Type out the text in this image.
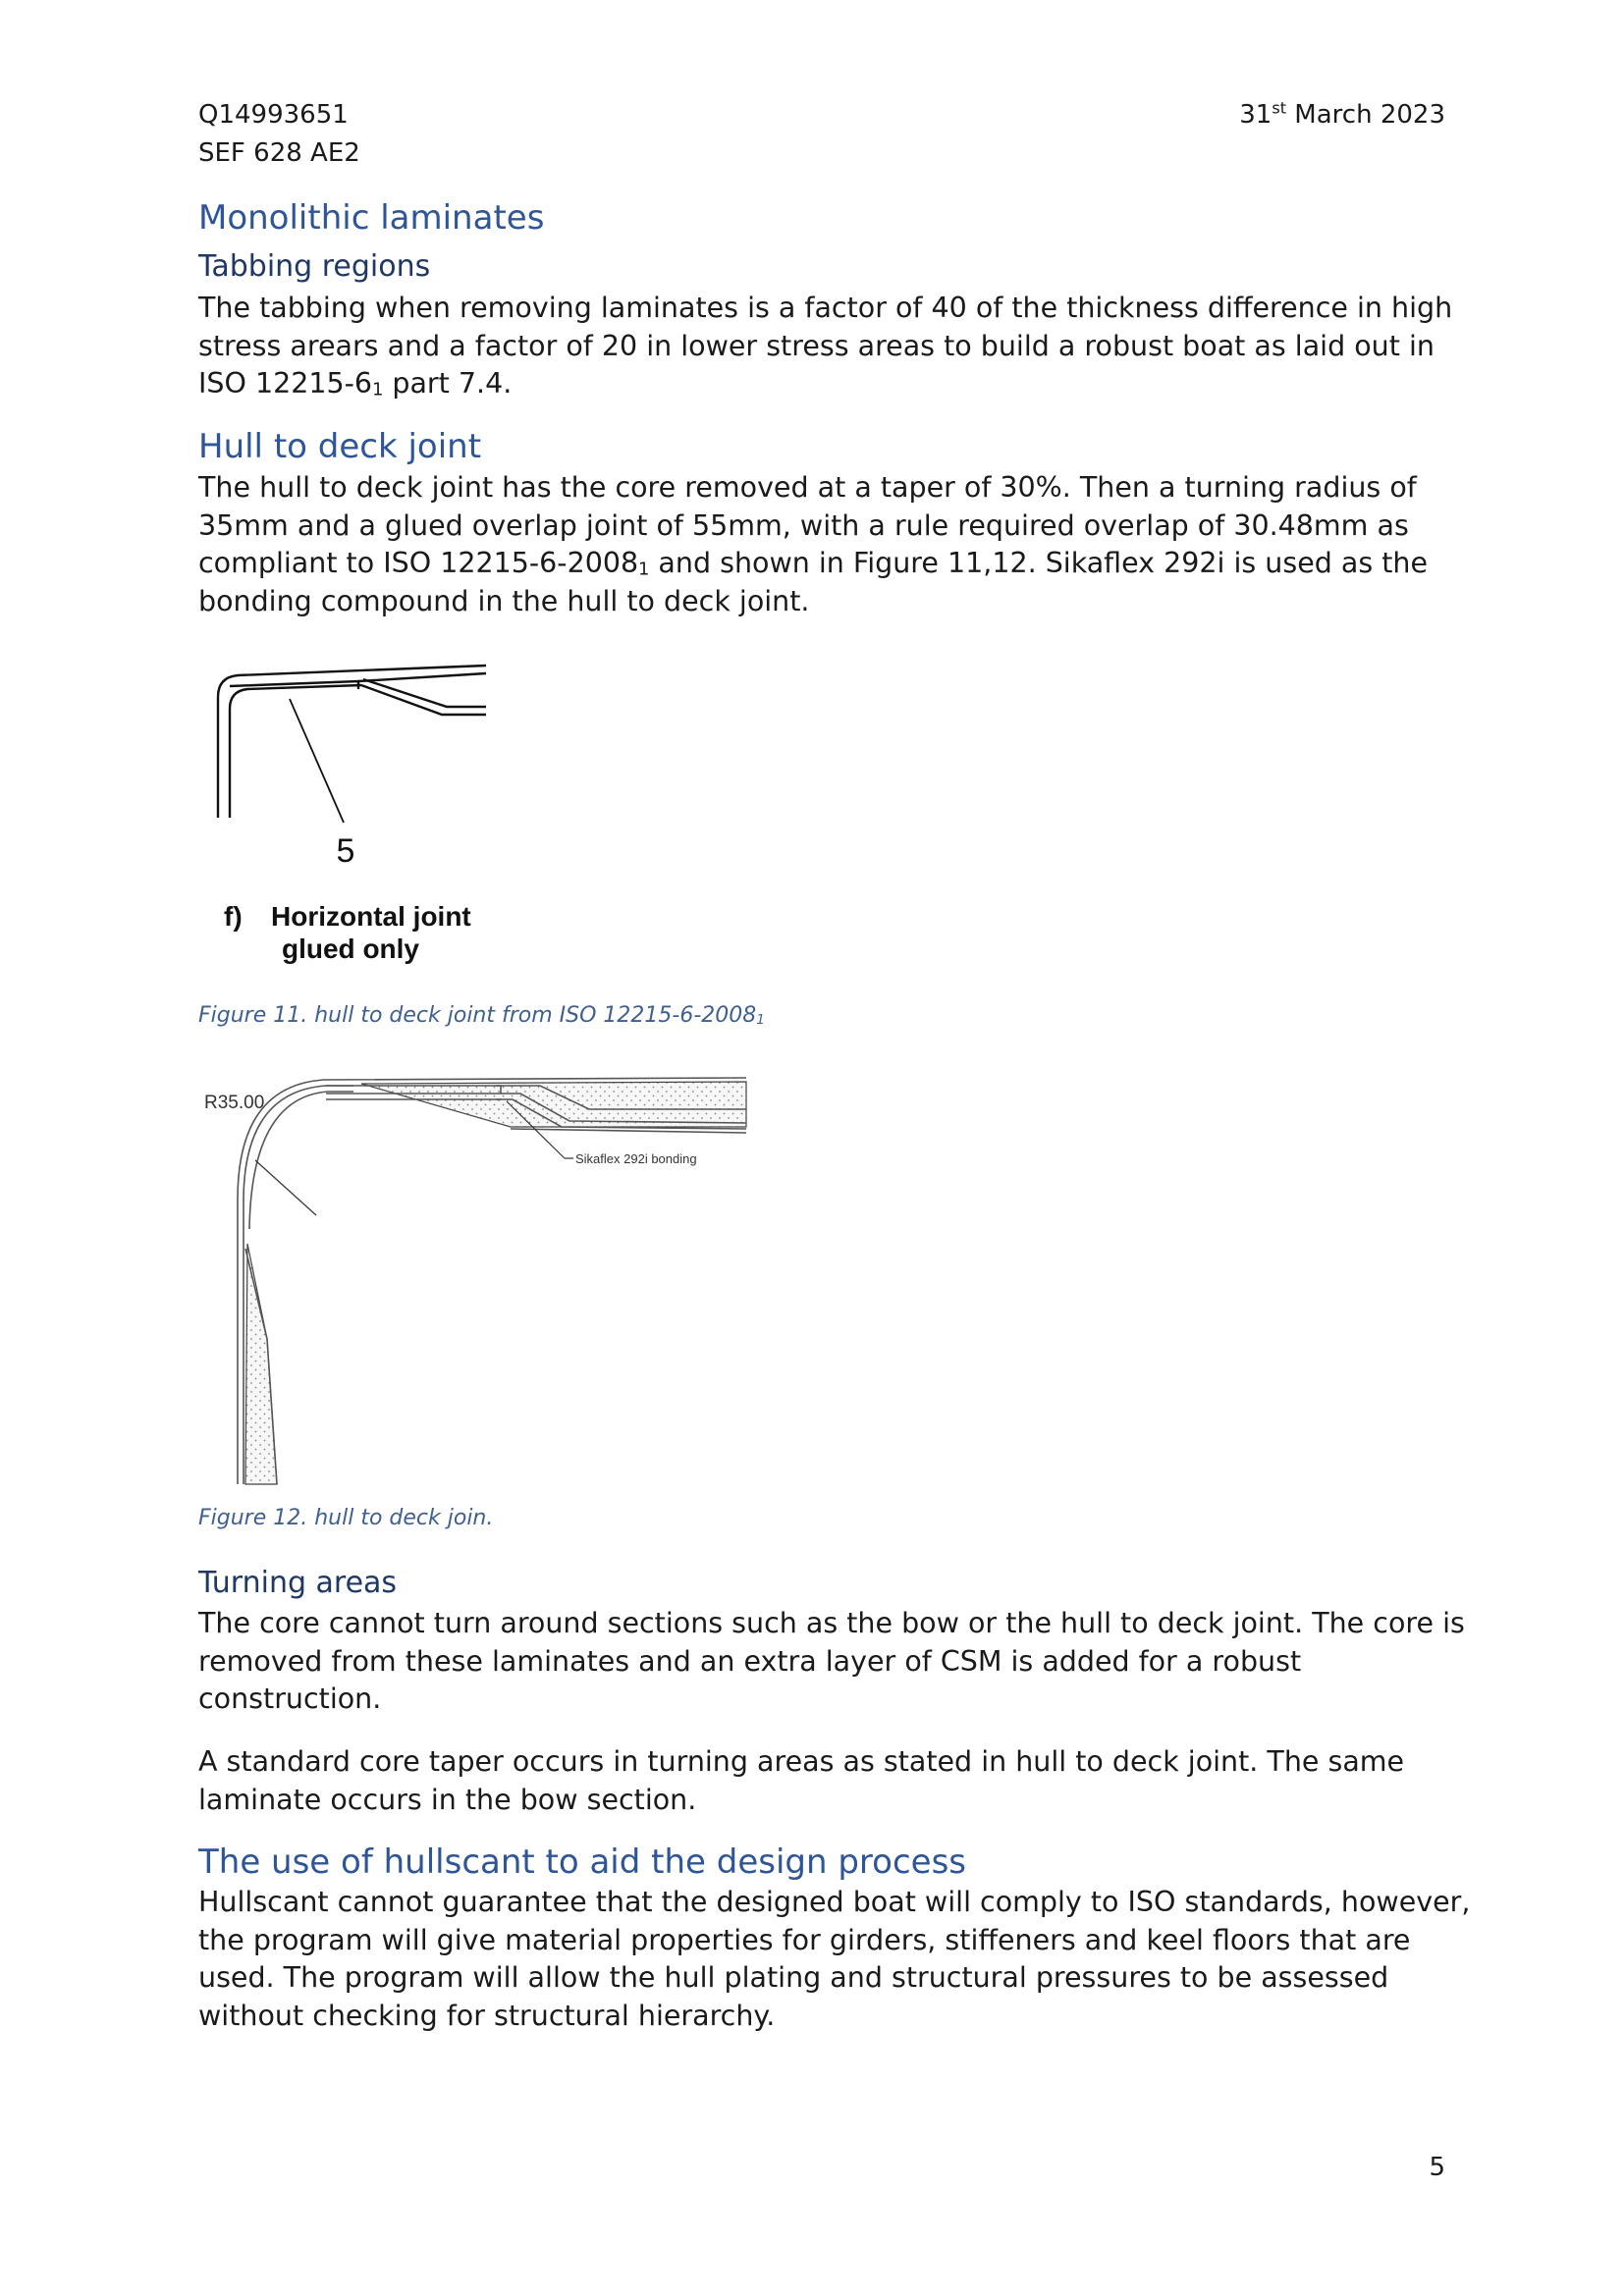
Q14993651
SEF 628 AE2
31st March 2023
Monolithic laminates
Tabbing regions
The tabbing when removing laminates is a factor of 40 of the thickness difference in high stress arears and a factor of 20 in lower stress areas to build a robust boat as laid out in ISO $12215-6_1$ part 7.4.
Hull to deck joint
The hull to deck joint has the core removed at a taper of 30%. Then a turning radius of 35mm and a glued overlap joint of 55mm, with a rule required overlap of 30.48mm as compliant to ISO $12215-6-2008_1$ and shown in Figure 11,12. Sikaflex 292i is used as the bonding compound in the hull to deck joint.
5
f) Horizontal joint
glued only
Figure 11. hull to deck joint from ISO $12215-6-2008_1$
R35.00
Sikaflex 292i bonding
Figure 12. hull to deck join.
Turning areas
The core cannot turn around sections such as the bow or the hull to deck joint. The core is removed from these laminates and an extra layer of CSM is added for a robust construction.
A standard core taper occurs in turning areas as stated in hull to deck joint. The same laminate occurs in the bow section.
The use of hullscant to aid the design process
Hullscant cannot guarantee that the designed boat will comply to ISO standards, however, the program will give material properties for girders, stiffeners and keel floors that are used. The program will allow the hull plating and structural pressures to be assessed without checking for structural hierarchy.
5
